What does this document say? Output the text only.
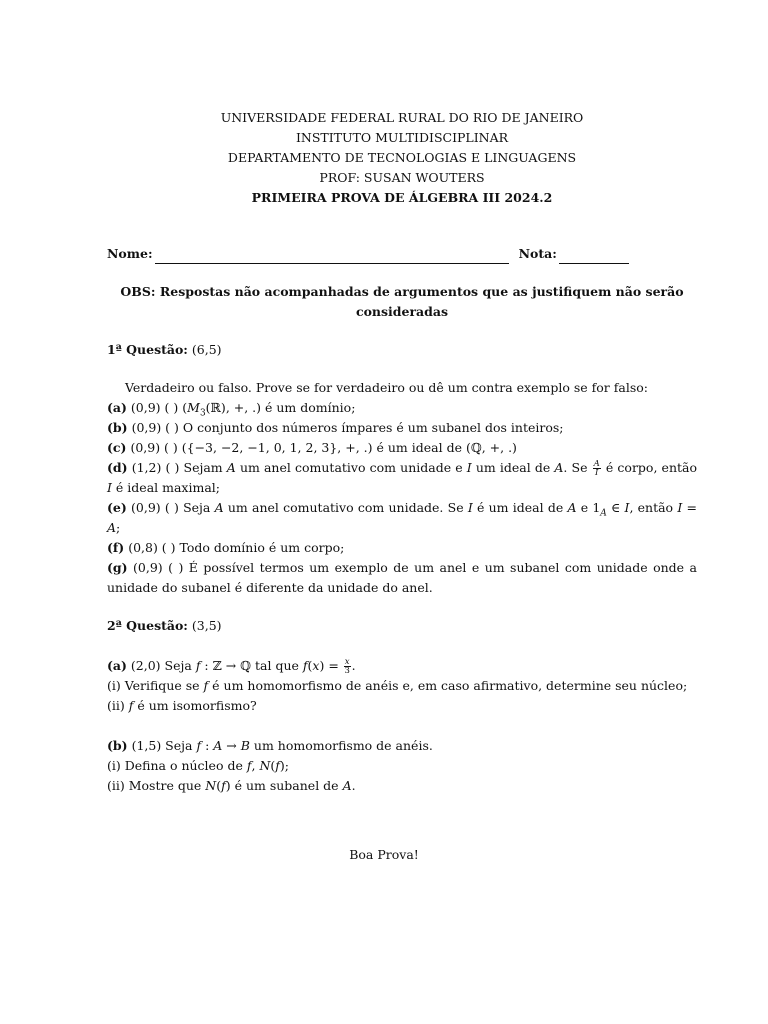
UNIVERSIDADE FEDERAL RURAL DO RIO DE JANEIRO
INSTITUTO MULTIDISCIPLINAR
DEPARTAMENTO DE TECNOLOGIAS E LINGUAGENS
PROF: SUSAN WOUTERS
PRIMEIRA PROVA DE ÁLGEBRA III 2024.2
Nome:	Nota:
OBS: Respostas não acompanhadas de argumentos que as justifiquem não serão consideradas
1ª Questão: (6,5)
Verdadeiro ou falso. Prove se for verdadeiro ou dê um contra exemplo se for falso:
(a) (0,9) ( ) ($M_3(ℝ)$, +, .) é um domínio;
(b) (0,9) ( ) O conjunto dos números ímpares é um subanel dos inteiros;
(c) (0,9) ( ) ({−3, −2, −1, 0, 1, 2, 3}, +, .) é um ideal de (ℚ, +, .)
(d) (1,2) ( ) Sejam A um anel comutativo com unidade e I um ideal de A. Se $\frac{A}{I}$ é corpo, então I é ideal maximal;
(e) (0,9) ( ) Seja A um anel comutativo com unidade. Se I é um ideal de A e $1_A$ ∈ I, então I = A;
(f) (0,8) ( ) Todo domínio é um corpo;
(g) (0,9) ( ) É possível termos um exemplo de um anel e um subanel com unidade onde a unidade do subanel é diferente da unidade do anel.
2ª Questão: (3,5)
(a) (2,0) Seja f : ℤ → ℚ tal que $f(x) = \frac{x}{3}$ .
(i) Verifique se f é um homomorfismo de anéis e, em caso afirmativo, determine seu núcleo;
(ii) f é um isomorfismo?
(b) (1,5) Seja f : A → B um homomorfismo de anéis.
(i) Defina o núcleo de f, N(f);
(ii) Mostre que N(f) é um subanel de A.
Boa Prova!
